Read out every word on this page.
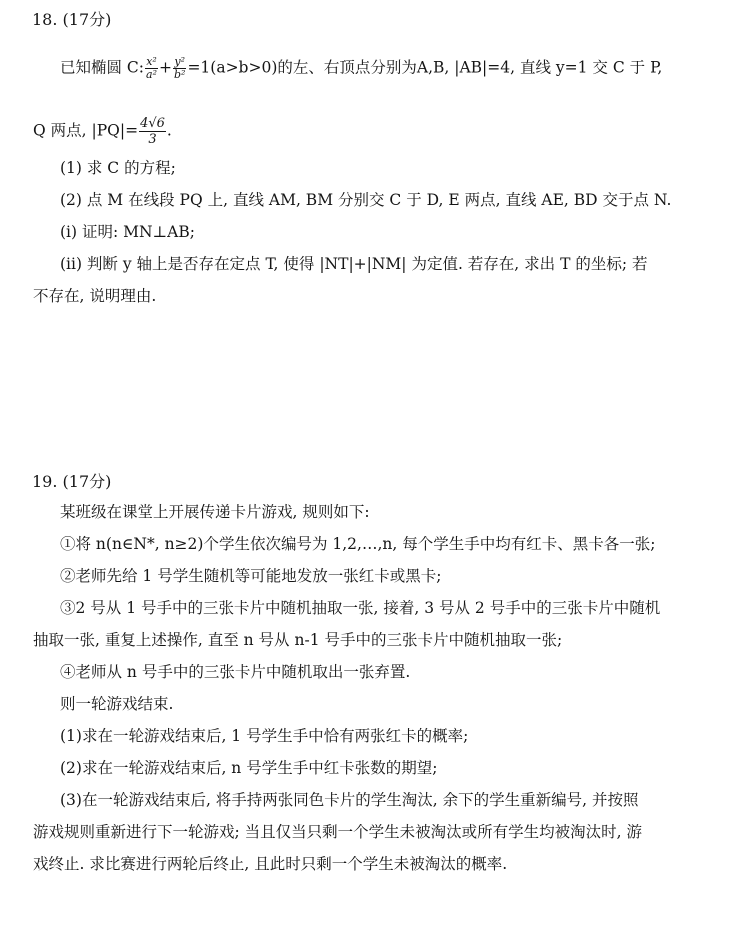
18. (17分)
已知椭圆 C: $\frac{\text{x²}}{\text{a²}} + \frac{\text{y²}}{\text{b²}} =1(a>b>0)$的左、右顶点分别为A,B, |AB|=4, 直线 y=1 交 C 于 P,
Q 两点, $|PQ|= \frac{4√6}{3}$ .
(1) 求 C 的方程;
(2) 点 M 在线段 PQ 上, 直线 AM, BM 分别交 C 于 D, E 两点, 直线 AE, BD 交于点 N.
(i) 证明: MN⊥AB;
(ii) 判断 y 轴上是否存在定点 T, 使得 |NT|+|NM| 为定值. 若存在, 求出 T 的坐标; 若
不存在, 说明理由.
19. (17分)
某班级在课堂上开展传递卡片游戏, 规则如下:
①将 n(n∈N*, n≥2)个学生依次编号为 1,2,…,n, 每个学生手中均有红卡、黑卡各一张;
②老师先给 1 号学生随机等可能地发放一张红卡或黑卡;
③2 号从 1 号手中的三张卡片中随机抽取一张, 接着, 3 号从 2 号手中的三张卡片中随机
抽取一张, 重复上述操作, 直至 n 号从 n-1 号手中的三张卡片中随机抽取一张;
④老师从 n 号手中的三张卡片中随机取出一张弃置.
则一轮游戏结束.
(1)求在一轮游戏结束后, 1 号学生手中恰有两张红卡的概率;
(2)求在一轮游戏结束后, n 号学生手中红卡张数的期望;
(3)在一轮游戏结束后, 将手持两张同色卡片的学生淘汰, 余下的学生重新编号, 并按照
游戏规则重新进行下一轮游戏; 当且仅当只剩一个学生未被淘汰或所有学生均被淘汰时, 游
戏终止. 求比赛进行两轮后终止, 且此时只剩一个学生未被淘汰的概率.
